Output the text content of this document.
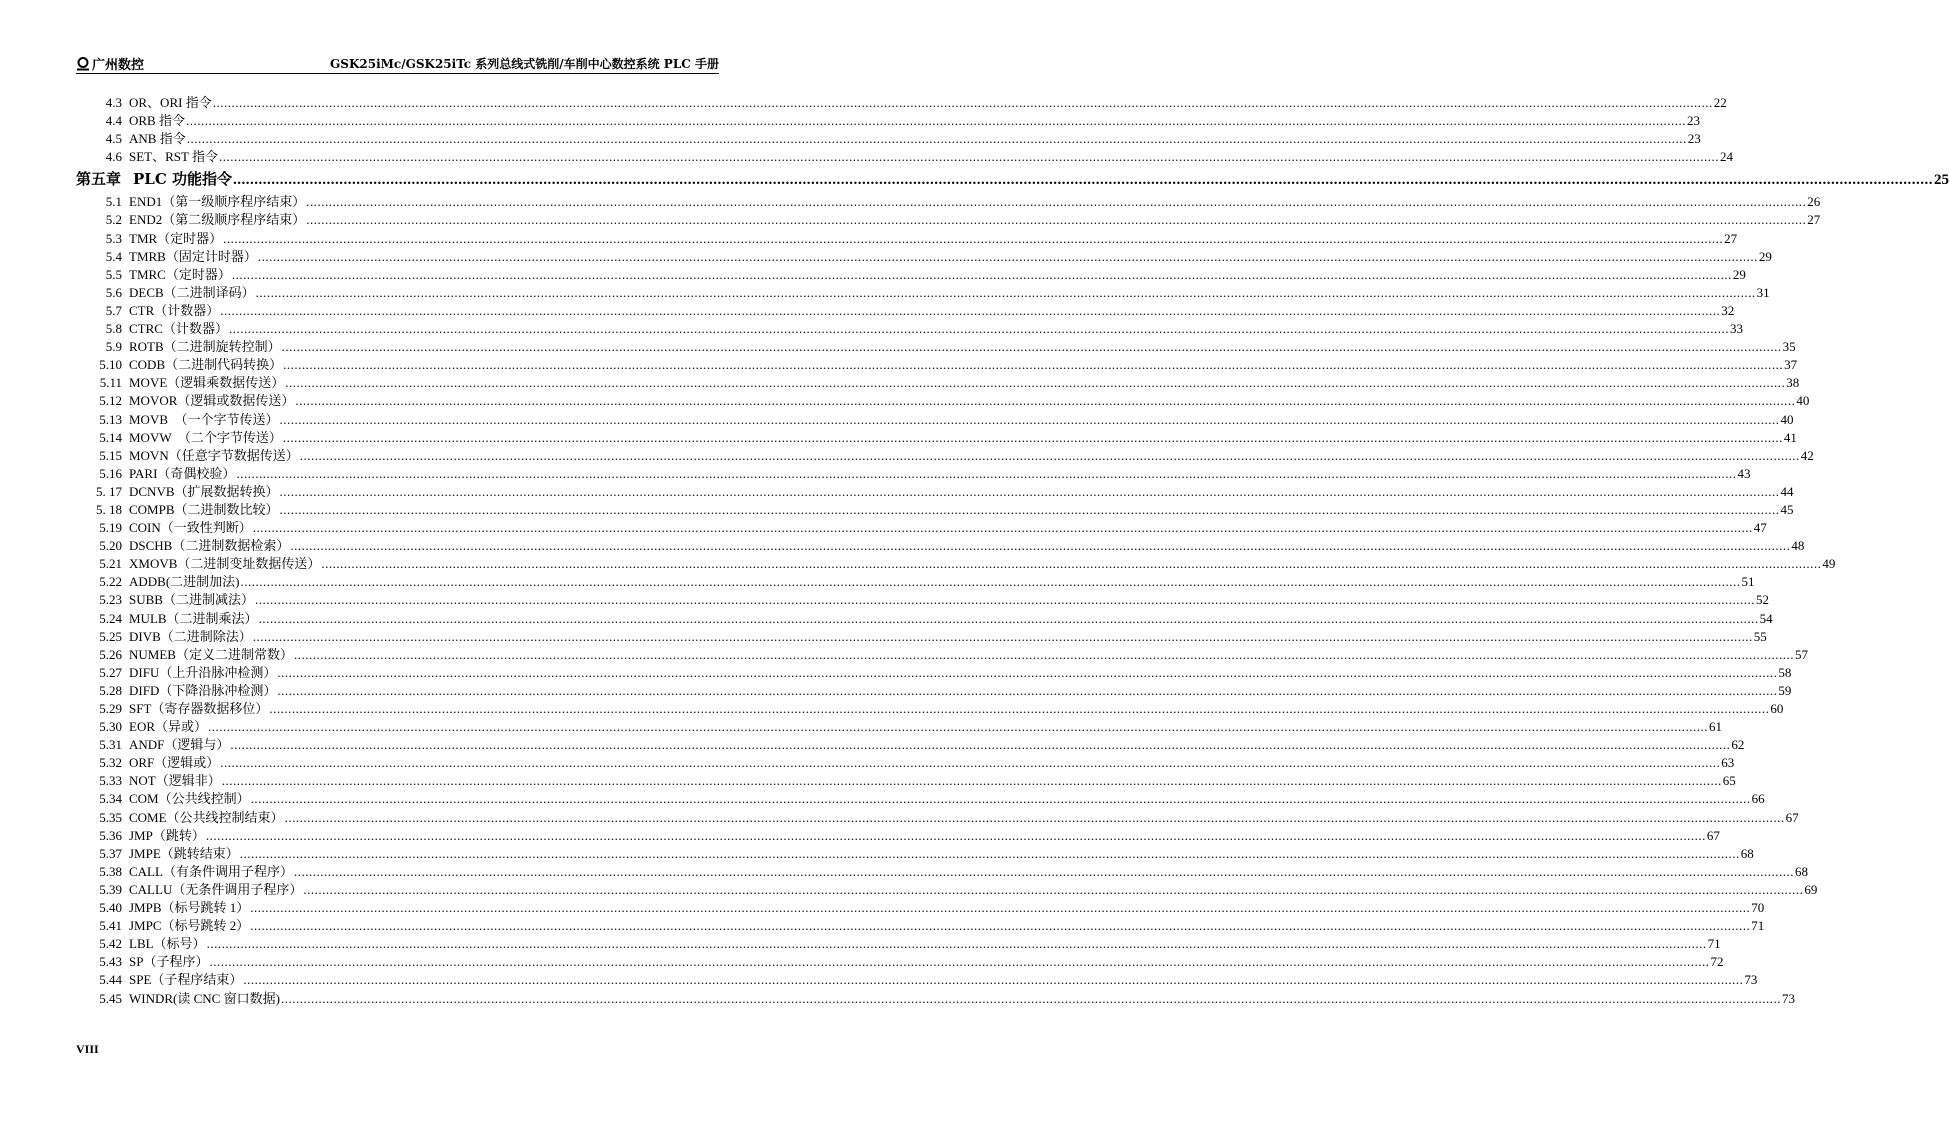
广州数控	GSK25iMc/GSK25iTc 系列总线式铣削/车削中心数控系统 PLC 手册
4.3 OR、ORI 指令 ................................................................................................................................................................................................................................................................................................................................................................................................................ 22
4.4 ORB 指令 ................................................................................................................................................................................................................................................................................................................................................................................................................ 23
4.5 ANB 指令 ................................................................................................................................................................................................................................................................................................................................................................................................................ 23
4.6 SET、RST 指令 ................................................................................................................................................................................................................................................................................................................................................................................................................ 24
第五章 PLC 功能指令 ................................................................................................................................................................................................................................................................................................................................................................................................................ 25
5.1 END1（第一级顺序程序结束） ................................................................................................................................................................................................................................................................................................................................................................................................................ 26
5.2 END2（第二级顺序程序结束） ................................................................................................................................................................................................................................................................................................................................................................................................................ 27
5.3 TMR（定时器） ................................................................................................................................................................................................................................................................................................................................................................................................................ 27
5.4 TMRB（固定计时器） ................................................................................................................................................................................................................................................................................................................................................................................................................ 29
5.5 TMRC（定时器） ................................................................................................................................................................................................................................................................................................................................................................................................................ 29
5.6 DECB（二进制译码） ................................................................................................................................................................................................................................................................................................................................................................................................................ 31
5.7 CTR（计数器） ................................................................................................................................................................................................................................................................................................................................................................................................................ 32
5.8 CTRC（计数器） ................................................................................................................................................................................................................................................................................................................................................................................................................ 33
5.9 ROTB（二进制旋转控制） ................................................................................................................................................................................................................................................................................................................................................................................................................ 35
5.10 CODB（二进制代码转换） ................................................................................................................................................................................................................................................................................................................................................................................................................ 37
5.11 MOVE（逻辑乘数据传送） ................................................................................................................................................................................................................................................................................................................................................................................................................ 38
5.12 MOVOR（逻辑或数据传送） ................................................................................................................................................................................................................................................................................................................................................................................................................ 40
5.13 MOVB  （一个字节传送） ................................................................................................................................................................................................................................................................................................................................................................................................................ 40
5.14 MOVW  （二个字节传送） ................................................................................................................................................................................................................................................................................................................................................................................................................ 41
5.15 MOVN（任意字节数据传送） ................................................................................................................................................................................................................................................................................................................................................................................................................ 42
5.16 PARI（奇偶校验） ................................................................................................................................................................................................................................................................................................................................................................................................................ 43
5. 17 DCNVB（扩展数据转换） ................................................................................................................................................................................................................................................................................................................................................................................................................ 44
5. 18 COMPB（二进制数比较） ................................................................................................................................................................................................................................................................................................................................................................................................................ 45
5.19 COIN（一致性判断） ................................................................................................................................................................................................................................................................................................................................................................................................................ 47
5.20 DSCHB（二进制数据检索） ................................................................................................................................................................................................................................................................................................................................................................................................................ 48
5.21 XMOVB（二进制变址数据传送） ................................................................................................................................................................................................................................................................................................................................................................................................................ 49
5.22 ADDB(二进制加法) ................................................................................................................................................................................................................................................................................................................................................................................................................ 51
5.23 SUBB（二进制减法） ................................................................................................................................................................................................................................................................................................................................................................................................................ 52
5.24 MULB（二进制乘法） ................................................................................................................................................................................................................................................................................................................................................................................................................ 54
5.25 DIVB（二进制除法） ................................................................................................................................................................................................................................................................................................................................................................................................................ 55
5.26 NUMEB（定义二进制常数） ................................................................................................................................................................................................................................................................................................................................................................................................................ 57
5.27 DIFU（上升沿脉冲检测） ................................................................................................................................................................................................................................................................................................................................................................................................................ 58
5.28 DIFD（下降沿脉冲检测） ................................................................................................................................................................................................................................................................................................................................................................................................................ 59
5.29 SFT（寄存器数据移位） ................................................................................................................................................................................................................................................................................................................................................................................................................ 60
5.30 EOR（异或） ................................................................................................................................................................................................................................................................................................................................................................................................................ 61
5.31 ANDF（逻辑与） ................................................................................................................................................................................................................................................................................................................................................................................................................ 62
5.32 ORF（逻辑或） ................................................................................................................................................................................................................................................................................................................................................................................................................ 63
5.33 NOT（逻辑非） ................................................................................................................................................................................................................................................................................................................................................................................................................ 65
5.34 COM（公共线控制） ................................................................................................................................................................................................................................................................................................................................................................................................................ 66
5.35 COME（公共线控制结束） ................................................................................................................................................................................................................................................................................................................................................................................................................ 67
5.36 JMP（跳转） ................................................................................................................................................................................................................................................................................................................................................................................................................ 67
5.37 JMPE（跳转结束） ................................................................................................................................................................................................................................................................................................................................................................................................................ 68
5.38 CALL（有条件调用子程序） ................................................................................................................................................................................................................................................................................................................................................................................................................ 68
5.39 CALLU（无条件调用子程序） ................................................................................................................................................................................................................................................................................................................................................................................................................ 69
5.40 JMPB（标号跳转 1） ................................................................................................................................................................................................................................................................................................................................................................................................................ 70
5.41 JMPC（标号跳转 2） ................................................................................................................................................................................................................................................................................................................................................................................................................ 71
5.42 LBL（标号） ................................................................................................................................................................................................................................................................................................................................................................................................................ 71
5.43 SP（子程序） ................................................................................................................................................................................................................................................................................................................................................................................................................ 72
5.44 SPE（子程序结束） ................................................................................................................................................................................................................................................................................................................................................................................................................ 73
5.45 WINDR(读 CNC 窗口数据) ................................................................................................................................................................................................................................................................................................................................................................................................................ 73
VIII
